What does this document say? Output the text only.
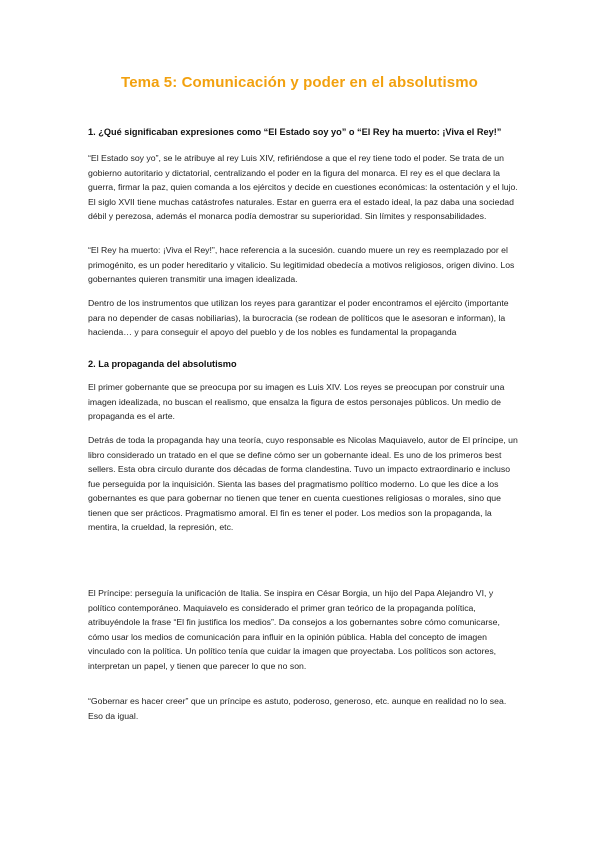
Tema 5: Comunicación y poder en el absolutismo
1. ¿Qué significaban expresiones como “El Estado soy yo” o “El Rey ha muerto: ¡Viva el Rey!”
“El Estado soy yo”, se le atribuye al rey Luis XIV, refiriéndose a que el rey tiene todo el poder. Se trata de un gobierno autoritario y dictatorial, centralizando el poder en la figura del monarca. El rey es el que declara la guerra, firmar la paz, quien comanda a los ejércitos y decide en cuestiones económicas: la ostentación y el lujo. El siglo XVII tiene muchas catástrofes naturales. Estar en guerra era el estado ideal, la paz daba una sociedad débil y perezosa, además el monarca podía demostrar su superioridad. Sin límites y responsabilidades.
“El Rey ha muerto: ¡Viva el Rey!”, hace referencia a la sucesión. cuando muere un rey es reemplazado por el primogénito, es un poder hereditario y vitalicio. Su legitimidad obedecía a motivos religiosos, origen divino. Los gobernantes quieren transmitir una imagen idealizada.
Dentro de los instrumentos que utilizan los reyes para garantizar el poder encontramos el ejército (importante para no depender de casas nobiliarias), la burocracia (se rodean de políticos que le asesoran e informan), la hacienda… y para conseguir el apoyo del pueblo y de los nobles es fundamental la propaganda
2. La propaganda del absolutismo
El primer gobernante que se preocupa por su imagen es Luis XIV. Los reyes se preocupan por construir una imagen idealizada, no buscan el realismo, que ensalza la figura de estos personajes públicos. Un medio de propaganda es el arte.
Detrás de toda la propaganda hay una teoría, cuyo responsable es Nicolas Maquiavelo, autor de El príncipe, un libro considerado un tratado en el que se define cómo ser un gobernante ideal. Es uno de los primeros best sellers. Esta obra circulo durante dos décadas de forma clandestina. Tuvo un impacto extraordinario e incluso fue perseguida por la inquisición. Sienta las bases del pragmatismo político moderno. Lo que les dice a los gobernantes es que para gobernar no tienen que tener en cuenta cuestiones religiosas o morales, sino que tienen que ser prácticos. Pragmatismo amoral. El fin es tener el poder. Los medios son la propaganda, la mentira, la crueldad, la represión, etc.
El Príncipe: perseguía la unificación de Italia. Se inspira en César Borgia, un hijo del Papa Alejandro VI, y político contemporáneo. Maquiavelo es considerado el primer gran teórico de la propaganda política, atribuyéndole la frase “El fin justifica los medios”. Da consejos a los gobernantes sobre cómo comunicarse, cómo usar los medios de comunicación para influir en la opinión pública. Habla del concepto de imagen vinculado con la política. Un político tenía que cuidar la imagen que proyectaba. Los políticos son actores, interpretan un papel, y tienen que parecer lo que no son.
“Gobernar es hacer creer” que un príncipe es astuto, poderoso, generoso, etc. aunque en realidad no lo sea. Eso da igual.
